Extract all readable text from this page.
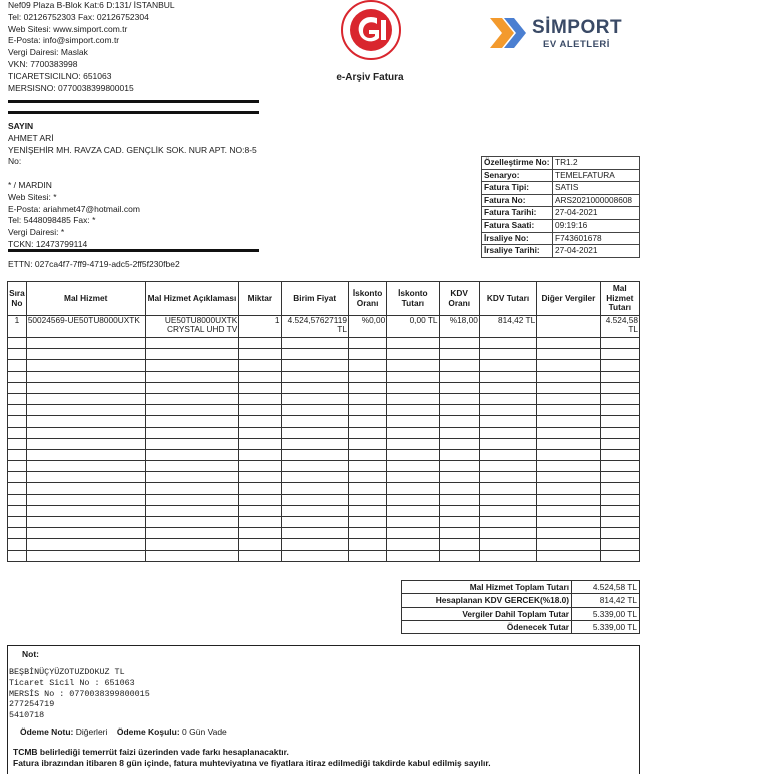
Nef09 Plaza B-Blok Kat:6 D:131/ İSTANBUL
Tel: 02126752303 Fax: 02126752304
Web Sitesi: www.simport.com.tr
E-Posta: info@simport.com.tr
Vergi Dairesi: Maslak
VKN: 7700383998
TICARETSICILNO: 651063
MERSISNO: 0770038399800015
e-Arşiv Fatura
SİMPORT
EV ALETLERİ
SAYIN
AHMET ARİ
YENİŞEHİR MH. RAVZA CAD. GENÇLİK SOK. NUR APT. NO:8-5
No:
* / MARDIN
Web Sitesi: *
E-Posta: ariahmet47@hotmail.com
Tel: 5448098485 Fax: *
Vergi Dairesi: *
TCKN: 12473799114
Özelleştirme No:	TR1.2
Senaryo:	TEMELFATURA
Fatura Tipi:	SATIS
Fatura No:	ARS2021000008608
Fatura Tarihi:	27-04-2021
Fatura Saati:	09:19:16
İrsaliye No:	F743601678
İrsaliye Tarihi:	27-04-2021
ETTN: 027ca4f7-7ff9-4719-adc5-2ff5f230fbe2
Sıra No	Mal Hizmet	Mal Hizmet Açıklaması	Miktar	Birim Fiyat	İskonto Oranı	İskonto Tutarı	KDV Oranı	KDV Tutarı	Diğer Vergiler	Mal Hizmet Tutarı
1	50024569-UE50TU8000UXTK	UE50TU8000UXTK CRYSTAL UHD TV	1	4.524,57627119 TL	%0,00	0,00 TL	%18,00	814,42 TL		4.524,58 TL

Mal Hizmet Toplam Tutarı	4.524,58 TL
Hesaplanan KDV GERCEK(%18.0)	814,42 TL
Vergiler Dahil Toplam Tutar	5.339,00 TL
Ödenecek Tutar	5.339,00 TL
Not:
BEŞBİNÜÇYÜZOTUZDOKUZ TL
Ticaret Sicil No : 651063
MERSİS No : 0770038399800015
277254719
5410718
Ödeme Notu: Diğerleri Ödeme Koşulu: 0 Gün Vade
TCMB belirlediği temerrüt faizi üzerinden vade farkı hesaplanacaktır.
Fatura ibrazından itibaren 8 gün içinde, fatura muhteviyatına ve fiyatlara itiraz edilmediği takdirde kabul edilmiş sayılır.
